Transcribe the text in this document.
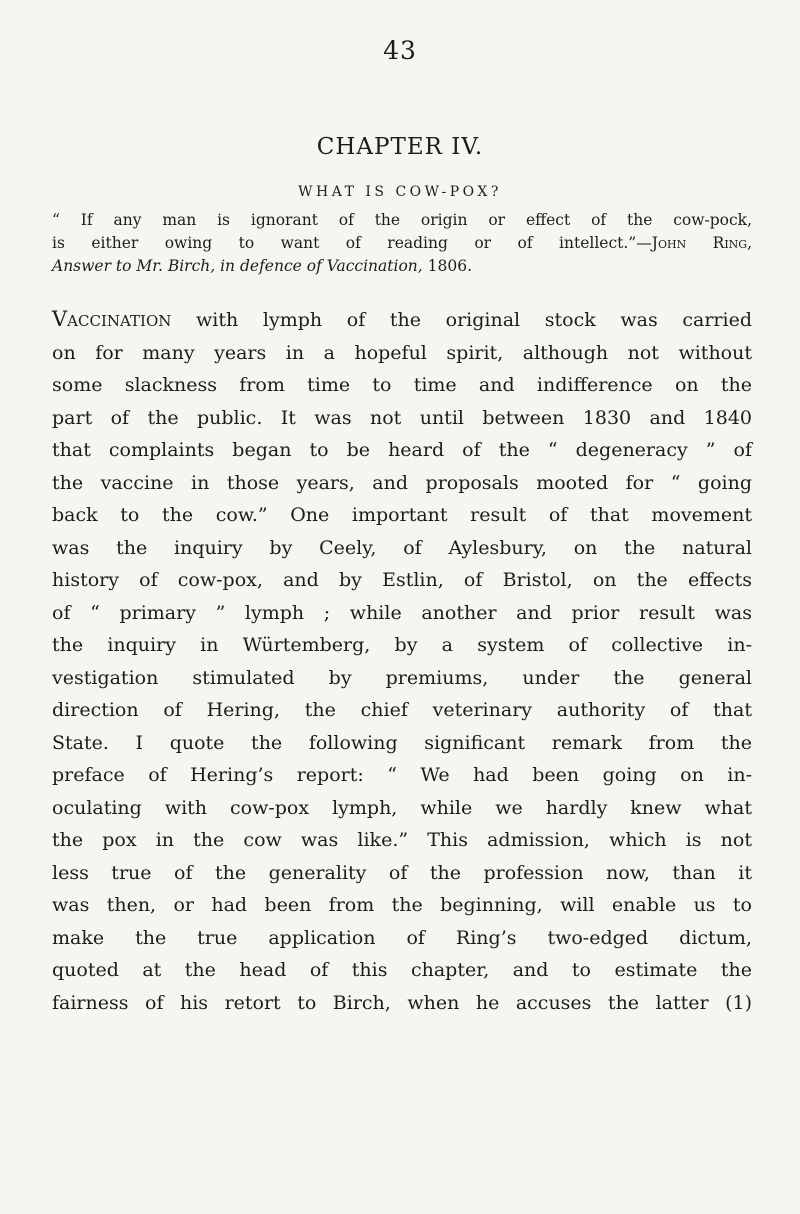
43
CHAPTER IV.
WHAT IS COW-POX?
“ If any man is ignorant of the origin or effect of the cow-pock,
is either owing to want of reading or of intellect.”—John Ring,
Answer to Mr. Birch, in defence of Vaccination, 1806.
Vaccination with lymph of the original stock was carried
on for many years in a hopeful spirit, although not without
some slackness from time to time and indifference on the
part of the public. It was not until between 1830 and 1840
that complaints began to be heard of the “ degeneracy ” of
the vaccine in those years, and proposals mooted for “ going
back to the cow.” One important result of that movement
was the inquiry by Ceely, of Aylesbury, on the natural
history of cow-pox, and by Estlin, of Bristol, on the effects
of “ primary ” lymph ; while another and prior result was
the inquiry in Würtemberg, by a system of collective in-
vestigation stimulated by premiums, under the general
direction of Hering, the chief veterinary authority of that
State. I quote the following significant remark from the
preface of Hering’s report: “ We had been going on in-
oculating with cow-pox lymph, while we hardly knew what
the pox in the cow was like.” This admission, which is not
less true of the generality of the profession now, than it
was then, or had been from the beginning, will enable us to
make the true application of Ring’s two-edged dictum,
quoted at the head of this chapter, and to estimate the
fairness of his retort to Birch, when he accuses the latter (1)
